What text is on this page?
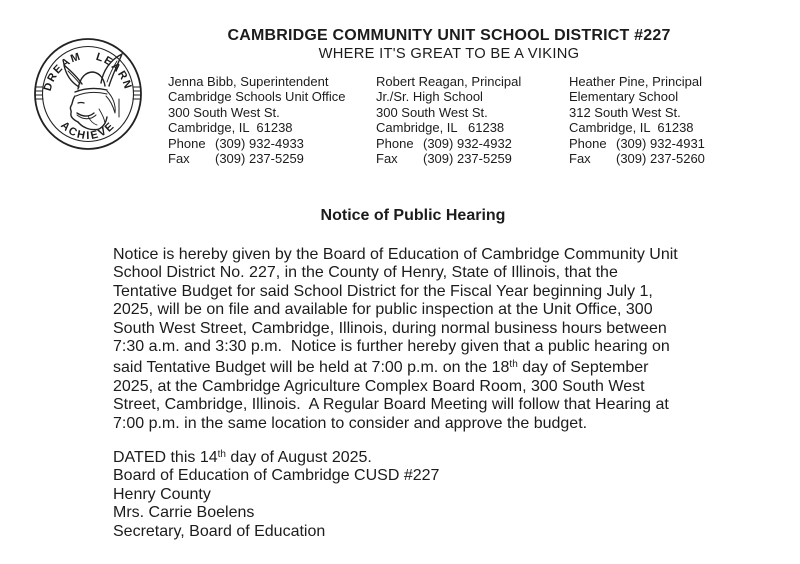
DREAM LEARN
ACHIEVE
CAMBRIDGE COMMUNITY UNIT SCHOOL DISTRICT #227
WHERE IT'S GREAT TO BE A VIKING
Jenna Bibb, Superintendent
Cambridge Schools Unit Office
300 South West St.
Cambridge, IL  61238
Phone (309) 932-4933
Fax (309) 237-5259
Robert Reagan, Principal
Jr./Sr. High School
300 South West St.
Cambridge, IL   61238
Phone (309) 932-4932
Fax (309) 237-5259
Heather Pine, Principal
Elementary School
312 South West St.
Cambridge, IL  61238
Phone (309) 932-4931
Fax (309) 237-5260
Notice of Public Hearing
Notice is hereby given by the Board of Education of Cambridge Community Unit
School District No. 227, in the County of Henry, State of Illinois, that the
Tentative Budget for said School District for the Fiscal Year beginning July 1,
2025, will be on file and available for public inspection at the Unit Office, 300
South West Street, Cambridge, Illinois, during normal business hours between
7:30 a.m. and 3:30 p.m.  Notice is further hereby given that a public hearing on
said Tentative Budget will be held at 7:00 p.m. on the 18th day of September
2025, at the Cambridge Agriculture Complex Board Room, 300 South West
Street, Cambridge, Illinois.  A Regular Board Meeting will follow that Hearing at
7:00 p.m. in the same location to consider and approve the budget.
DATED this 14th day of August 2025.
Board of Education of Cambridge CUSD #227
Henry County
Mrs. Carrie Boelens
Secretary, Board of Education
